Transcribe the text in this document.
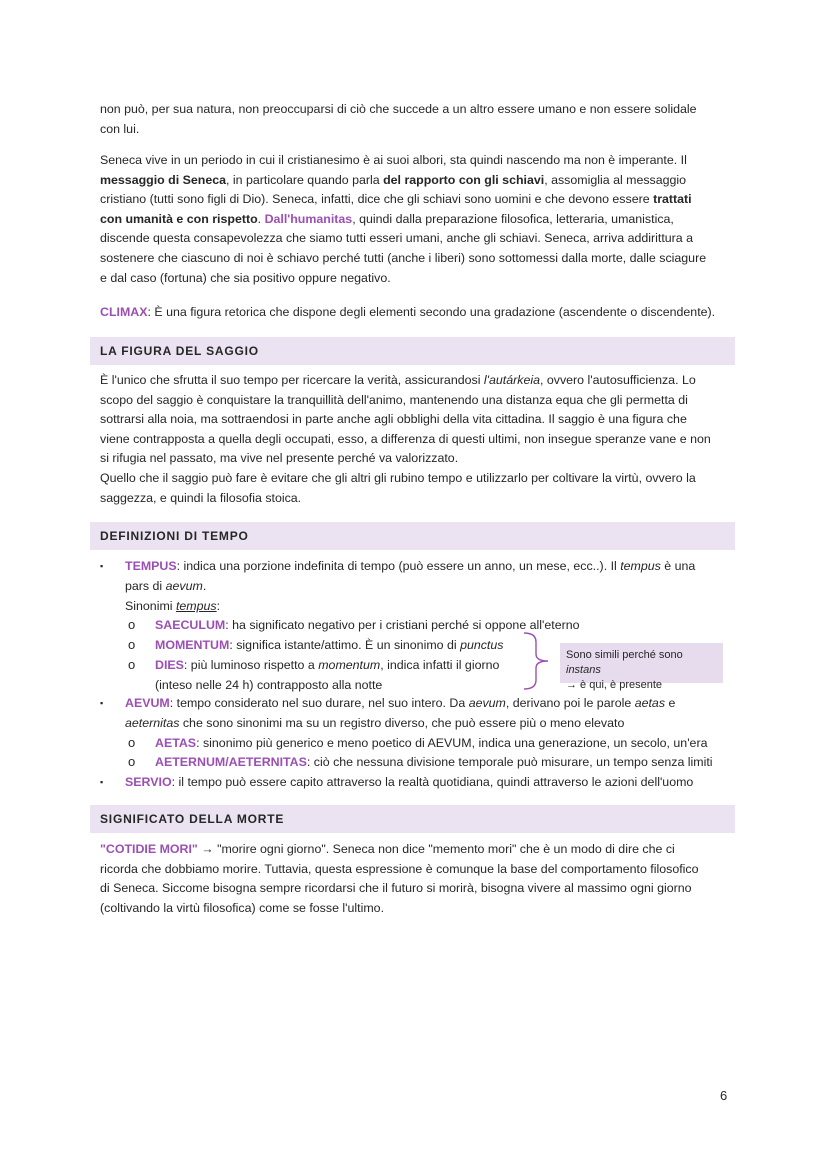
non può, per sua natura, non preoccuparsi di ciò che succede a un altro essere umano e non essere solidale

con lui.

Seneca vive in un periodo in cui il cristianesimo è ai suoi albori, sta quindi nascendo ma non è imperante. Il

messaggio di Seneca, in particolare quando parla del rapporto con gli schiavi, assomiglia al messaggio

cristiano (tutti sono figli di Dio). Seneca, infatti, dice che gli schiavi sono uomini e che devono essere trattati

con umanità e con rispetto. Dall'humanitas, quindi dalla preparazione filosofica, letteraria, umanistica,

discende questa consapevolezza che siamo tutti esseri umani, anche gli schiavi. Seneca, arriva addirittura a

sostenere che ciascuno di noi è schiavo perché tutti (anche i liberi) sono sottomessi dalla morte, dalle sciagure

e dal caso (fortuna) che sia positivo oppure negativo.

CLIMAX: È una figura retorica che dispone degli elementi secondo una gradazione (ascendente o discendente).

LA FIGURA DEL SAGGIO

È l'unico che sfrutta il suo tempo per ricercare la verità, assicurandosi l'autárkeia, ovvero l'autosufficienza. Lo

scopo del saggio è conquistare la tranquillità dell'animo, mantenendo una distanza equa che gli permetta di

sottrarsi alla noia, ma sottraendosi in parte anche agli obblighi della vita cittadina. Il saggio è una figura che

viene contrapposta a quella degli occupati, esso, a differenza di questi ultimi, non insegue speranze vane e non

si rifugia nel passato, ma vive nel presente perché va valorizzato.

Quello che il saggio può fare è evitare che gli altri gli rubino tempo e utilizzarlo per coltivare la virtù, ovvero la

saggezza, e quindi la filosofia stoica.

DEFINIZIONI DI TEMPO
▪ TEMPUS: indica una porzione indefinita di tempo (può essere un anno, un mese, ecc..). Il tempus è una
pars di aevum.
Sinonimi tempus:
o SAECULUM: ha significato negativo per i cristiani perché si oppone all'eterno
o MOMENTUM: significa istante/attimo. È un sinonimo di punctus
o DIES: più luminoso rispetto a momentum, indica infatti il giorno
(inteso nelle 24 h) contrapposto alla notte
Sono simili perché sono instans
→ è qui, è presente
▪ AEVUM: tempo considerato nel suo durare, nel suo intero. Da aevum, derivano poi le parole aetas e
aeternitas che sono sinonimi ma su un registro diverso, che può essere più o meno elevato
o AETAS: sinonimo più generico e meno poetico di AEVUM, indica una generazione, un secolo, un'era
o AETERNUM/AETERNITAS: ciò che nessuna divisione temporale può misurare, un tempo senza limiti
▪ SERVIO: il tempo può essere capito attraverso la realtà quotidiana, quindi attraverso le azioni dell'uomo
SIGNIFICATO DELLA MORTE

"COTIDIE MORI" → "morire ogni giorno". Seneca non dice "memento mori" che è un modo di dire che ci

ricorda che dobbiamo morire. Tuttavia, questa espressione è comunque la base del comportamento filosofico

di Seneca. Siccome bisogna sempre ricordarsi che il futuro si morirà, bisogna vivere al massimo ogni giorno

(coltivando la virtù filosofica) come se fosse l'ultimo.

6
